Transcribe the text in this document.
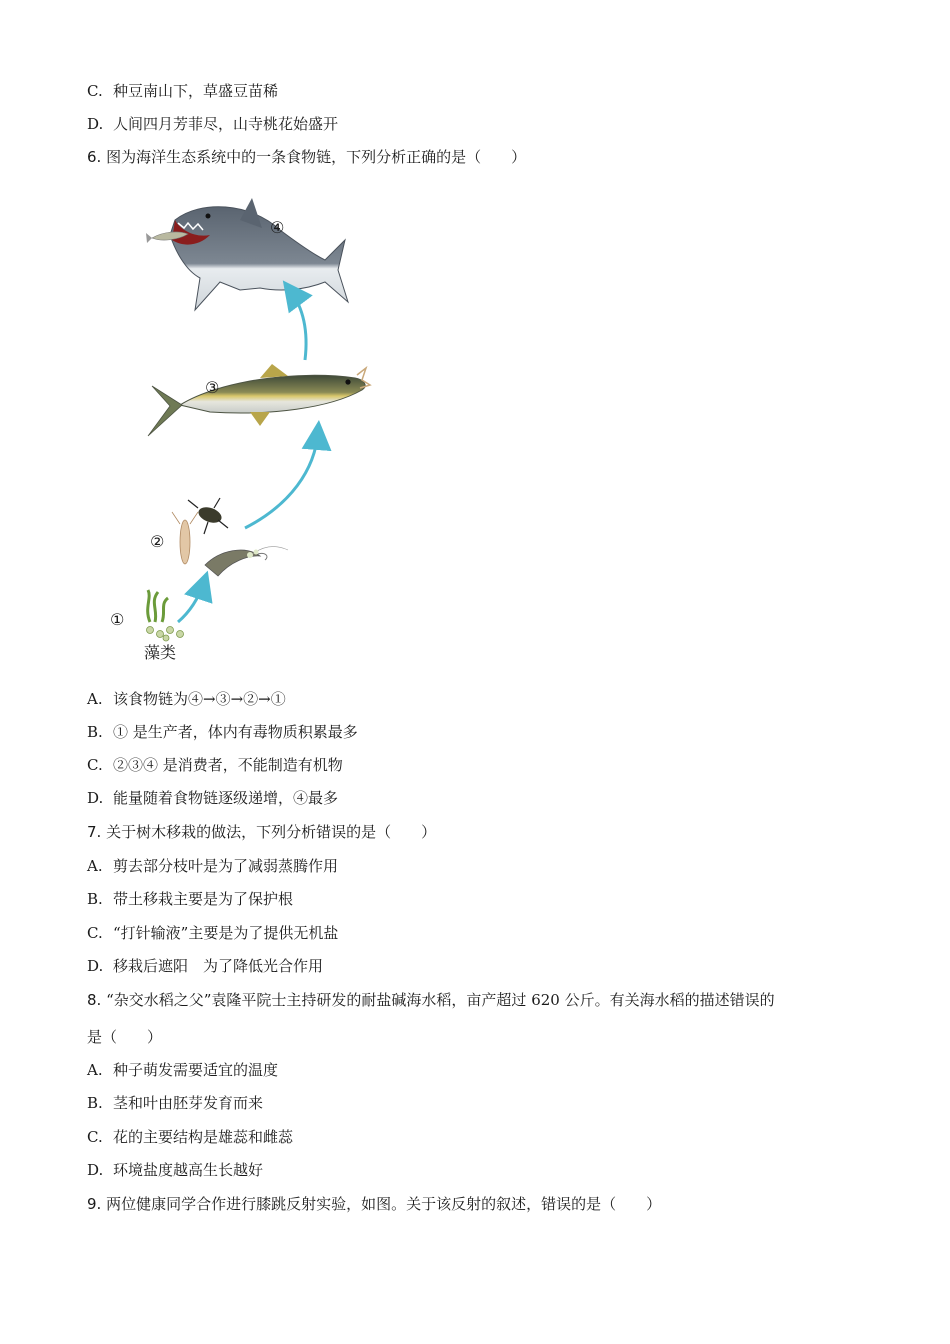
C. 种豆南山下，草盛豆苗稀
D. 人间四月芳菲尽，山寺桃花始盛开
6. 图为海洋生态系统中的一条食物链，下列分析正确的是（　　）
④
③
②
①
藻类
A. 该食物链为④→③→②→①
B. ① 是生产者，体内有毒物质积累最多
C. ②③④ 是消费者，不能制造有机物
D. 能量随着食物链逐级递增，④最多
7. 关于树木移栽的做法，下列分析错误的是（　　）
A. 剪去部分枝叶是为了减弱蒸腾作用
B. 带土移栽主要是为了保护根
C. “打针输液”主要是为了提供无机盐
D. 移栽后遮阳　为了降低光合作用
8. “杂交水稻之父”袁隆平院士主持研发的耐盐碱海水稻，亩产超过 620 公斤。有关海水稻的描述错误的
是（　　）
A. 种子萌发需要适宜的温度
B. 茎和叶由胚芽发育而来
C. 花的主要结构是雄蕊和雌蕊
D. 环境盐度越高生长越好
9. 两位健康同学合作进行膝跳反射实验，如图。关于该反射的叙述，错误的是（　　）
